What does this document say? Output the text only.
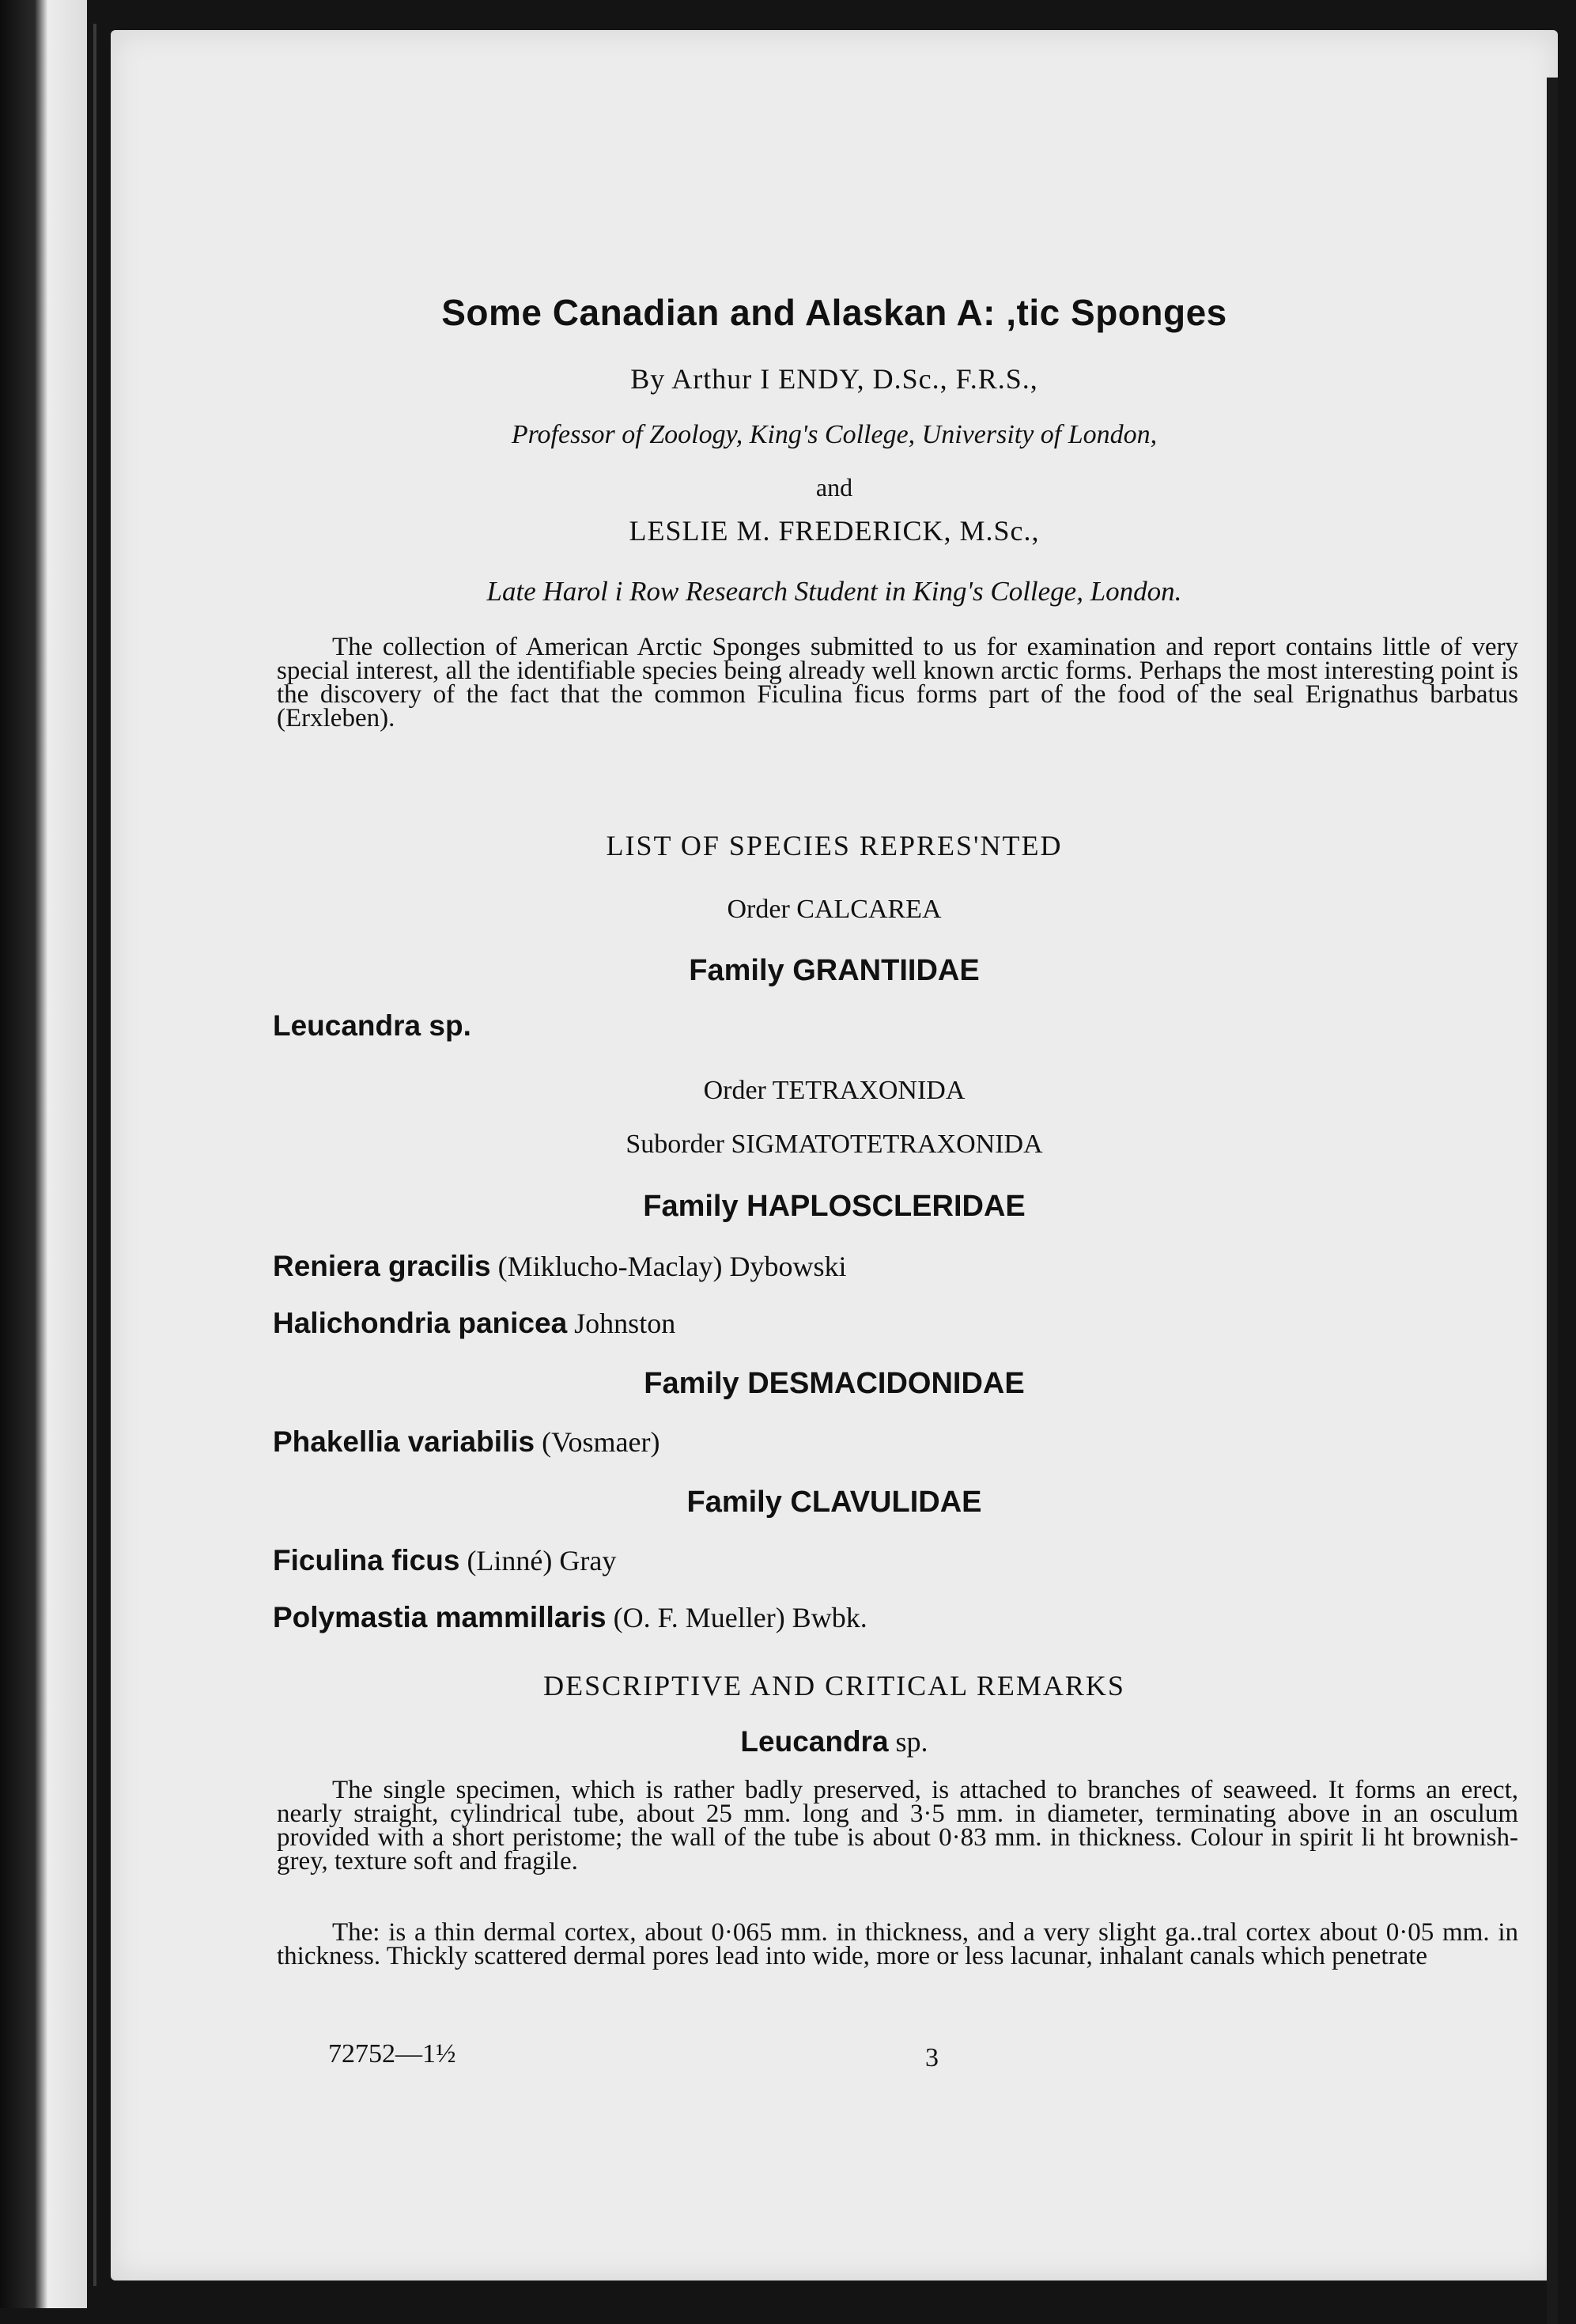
Some Canadian and Alaskan A: ,tic Sponges
By Arthur I ENDY, D.Sc., F.R.S.,
Professor of Zoology, King's College, University of London,
and
LESLIE M. FREDERICK, M.Sc.,
Late Harol i Row Research Student in King's College, London.

The collection of American Arctic Sponges submitted to us for examination and report contains little of very special interest, all the identifiable species being already well known arctic forms. Perhaps the most interesting point is the discovery of the fact that the common Ficulina ficus forms part of the food of the seal Erignathus barbatus (Erxleben).

LIST OF SPECIES REPRES'NTED
Order CALCAREA
Family GRANTIIDAE
Leucandra sp.
Order TETRAXONIDA
Suborder SIGMATOTETRAXONIDA
Family HAPLOSCLERIDAE
Reniera gracilis (Miklucho-Maclay) Dybowski
Halichondria panicea Johnston
Family DESMACIDONIDAE
Phakellia variabilis (Vosmaer)
Family CLAVULIDAE
Ficulina ficus (Linné) Gray
Polymastia mammillaris (O. F. Mueller) Bwbk.
DESCRIPTIVE AND CRITICAL REMARKS
Leucandra sp.

The single specimen, which is rather badly preserved, is attached to branches of seaweed. It forms an erect, nearly straight, cylindrical tube, about 25 mm. long and 3·5 mm. in diameter, terminating above in an osculum provided with a short peristome; the wall of the tube is about 0·83 mm. in thickness. Colour in spirit li ht brownish-grey, texture soft and fragile.

The: is a thin dermal cortex, about 0·065 mm. in thickness, and a very slight ga..tral cortex about 0·05 mm. in thickness. Thickly scattered dermal pores lead into wide, more or less lacunar, inhalant canals which penetrate

72752—1½	3
